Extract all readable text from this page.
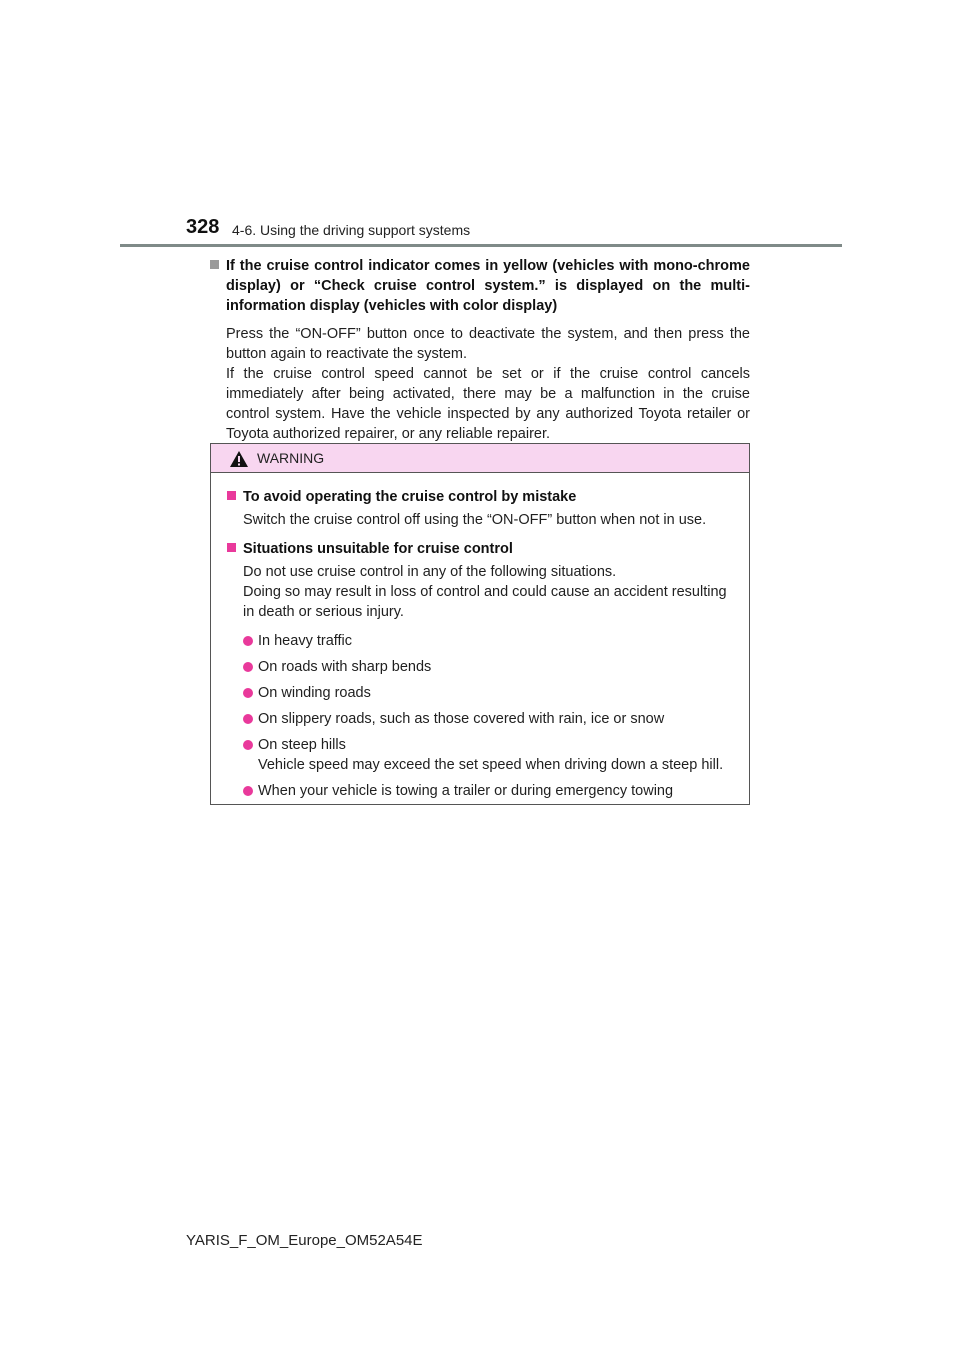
328 4-6. Using the driving support systems
If the cruise control indicator comes in yellow (vehicles with mono-chrome display) or “Check cruise control system.” is displayed on the multi-information display (vehicles with color display)
Press the “ON-OFF” button once to deactivate the system, and then press the button again to reactivate the system.
If the cruise control speed cannot be set or if the cruise control cancels immediately after being activated, there may be a malfunction in the cruise control system. Have the vehicle inspected by any authorized Toyota retailer or Toyota authorized repairer, or any reliable repairer.
WARNING
To avoid operating the cruise control by mistake
Switch the cruise control off using the “ON-OFF” button when not in use.
Situations unsuitable for cruise control
Do not use cruise control in any of the following situations.
Doing so may result in loss of control and could cause an accident resulting in death or serious injury.
In heavy traffic
On roads with sharp bends
On winding roads
On slippery roads, such as those covered with rain, ice or snow
On steep hills
Vehicle speed may exceed the set speed when driving down a steep hill.
When your vehicle is towing a trailer or during emergency towing
YARIS_F_OM_Europe_OM52A54E
